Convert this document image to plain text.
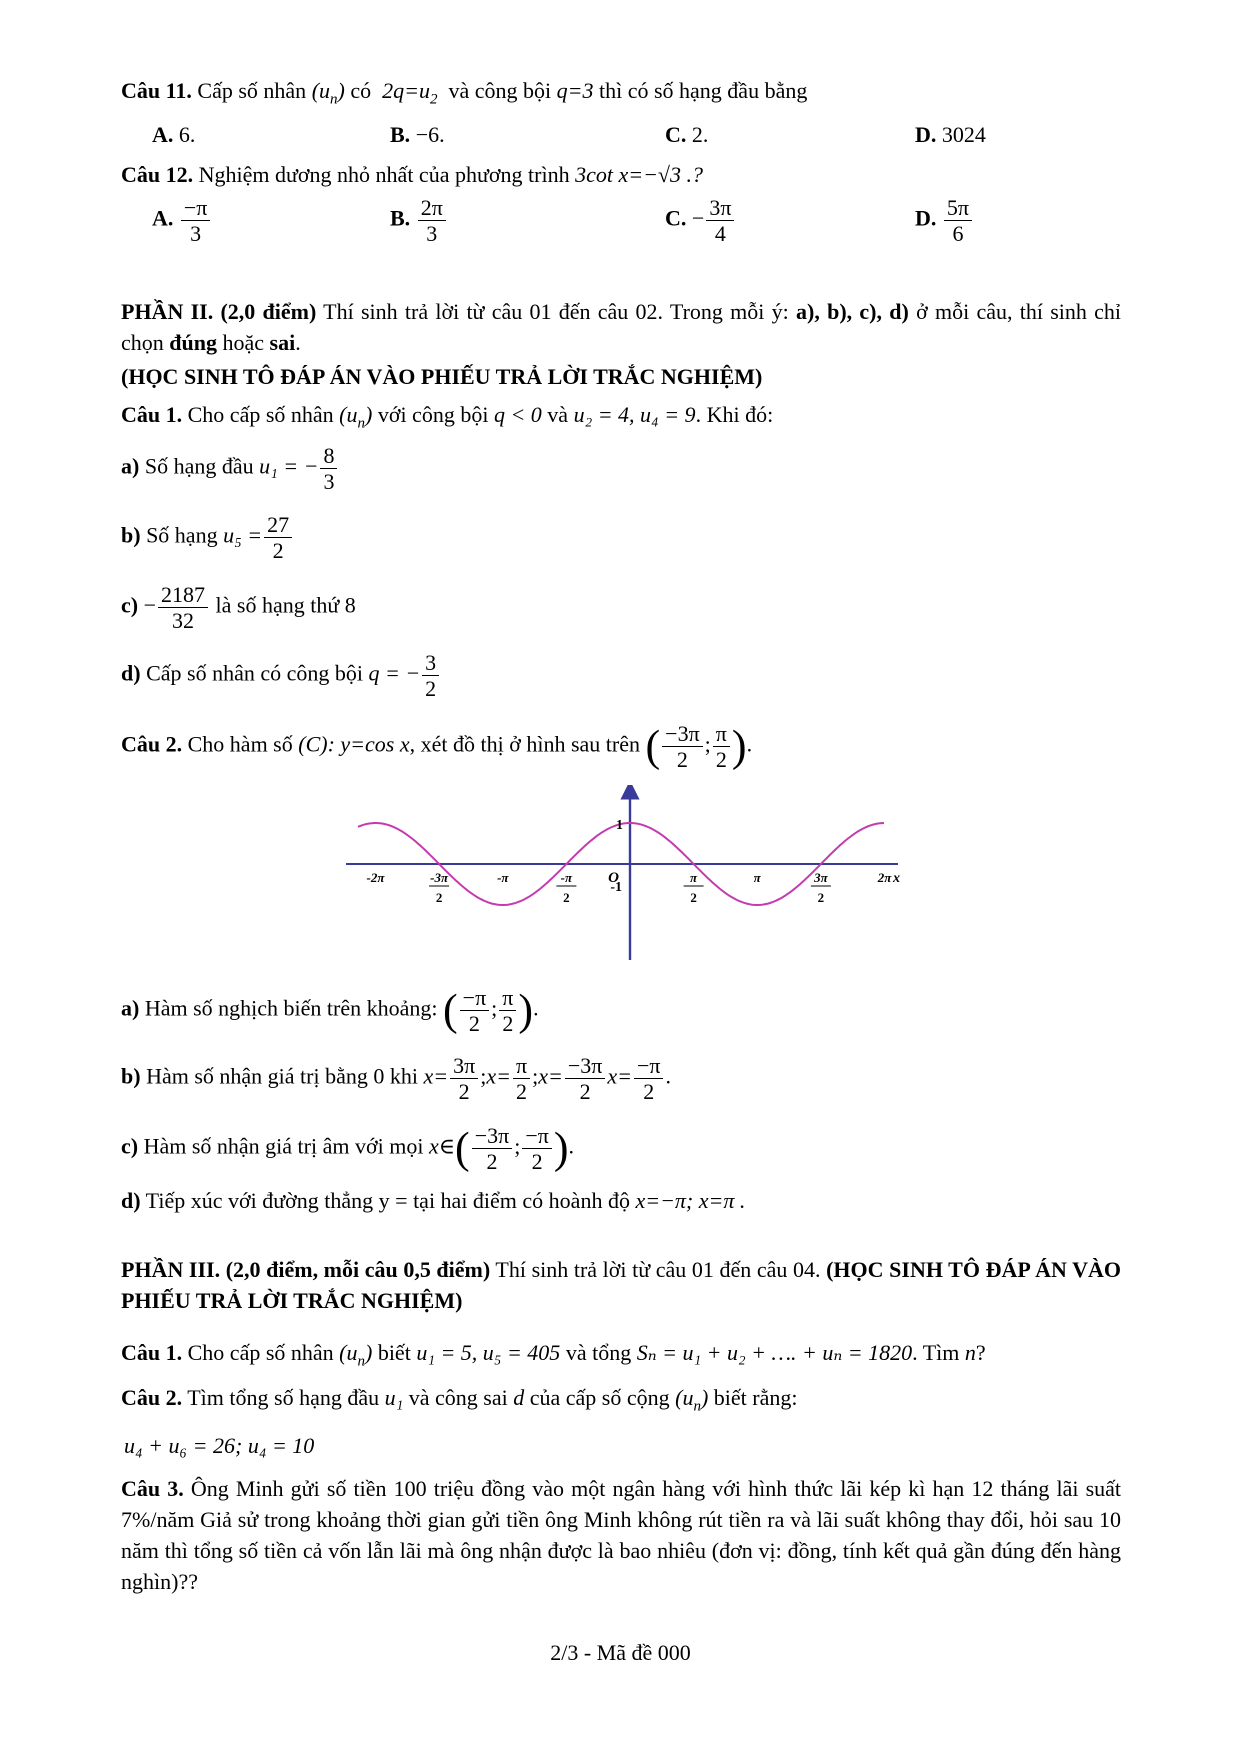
Câu 11. Cấp số nhân $(u_n)$ có $2q=u_2$ và công bội q=3 thì có số hạng đầu bằng
A. 6.	B. −6.	C. 2.	D. 3024
Câu 12. Nghiệm dương nhỏ nhất của phương trình 3cot x=−√3 .?
A. $\frac{-\pi}{3}$	B. $\frac{2\pi}{3}$	C. − $\frac{3\pi}{4}$	D. $\frac{5\pi}{6}$
PHẦN II. (2,0 điểm) Thí sinh trả lời từ câu 01 đến câu 02. Trong mỗi ý: a), b), c), d) ở mỗi câu, thí sinh chỉ chọn đúng hoặc sai.
(HỌC SINH TÔ ĐÁP ÁN VÀO PHIẾU TRẢ LỜI TRẮC NGHIỆM)
Câu 1. Cho cấp số nhân $(u_n)$ với công bội q < 0 và u₂ = 4, u₄ = 9. Khi đó:
a) Số hạng đầu u₁ = − $\frac{8}{3}$
b) Số hạng $u_5 = \frac{27}{2}$
$c) - \frac{2187}{32}$ là số hạng thứ 8
d) Cấp số nhân có công bội q = − $\frac{3}{2}$
Câu 2. Cho hàm số (C): y=cos x, xét đồ thị ở hình sau trên ( $\frac{-3\pi}{2}$ ; $\frac{\pi}{2}$ ).
-2π	-3π
2
-π	-π
2
π
2
π	3π
2
2π
1
-1
O	x
a) Hàm số nghịch biến trên khoảng: ( $\frac{-\pi}{2}$ ; $\frac{\pi}{2}$ ).
b) Hàm số nhận giá trị bằng 0 khi $x= \frac{3\pi}{2}$ ;x= $\frac{\pi}{2}$ ;x= $\frac{-3\pi}{2} x= \frac{-\pi}{2}$ .
c) Hàm số nhận giá trị âm với mọi x∈( $\frac{-3\pi}{2}$ ; $\frac{-\pi}{2}$ ).
d) Tiếp xúc với đường thẳng y = tại hai điểm có hoành độ x=−π; x=π .
PHẦN III. (2,0 điểm, mỗi câu 0,5 điểm) Thí sinh trả lời từ câu 01 đến câu 04. (HỌC SINH TÔ ĐÁP ÁN VÀO PHIẾU TRẢ LỜI TRẮC NGHIỆM)
Câu 1. Cho cấp số nhân $(u_n)$ biết u₁ = 5, u₅ = 405 và tổng Sₙ = u₁ + u₂ + …. + uₙ = 1820. Tìm n?
Câu 2. Tìm tổng số hạng đầu u₁ và công sai d của cấp số cộng $(u_n)$ biết rằng:
u₄ + u₆ = 26; u₄ = 10
Câu 3. Ông Minh gửi số tiền 100 triệu đồng vào một ngân hàng với hình thức lãi kép kì hạn 12 tháng lãi suất 7%/năm Giả sử trong khoảng thời gian gửi tiền ông Minh không rút tiền ra và lãi suất không thay đổi, hỏi sau 10 năm thì tổng số tiền cả vốn lẫn lãi mà ông nhận được là bao nhiêu (đơn vị: đồng, tính kết quả gần đúng đến hàng nghìn)??
2/3 - Mã đề 000
